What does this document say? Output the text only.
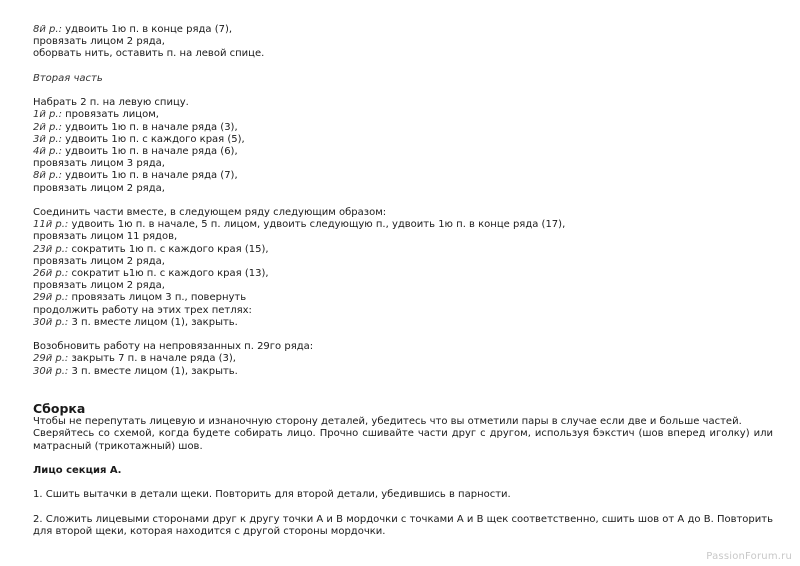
8й р.: удвоить 1ю п. в конце ряда (7),
провязать лицом 2 ряда,
оборвать нить, оставить п. на левой спице.
Вторая часть
Набрать 2 п. на левую спицу.
1й р.: провязать лицом,
2й р.: удвоить 1ю п. в начале ряда (3),
3й р.: удвоить 1ю п. с каждого края (5),
4й р.: удвоить 1ю п. в начале ряда (6),
провязать лицом 3 ряда,
8й р.: удвоить 1ю п. в начале ряда (7),
провязать лицом 2 ряда,
Соединить части вместе, в следующем ряду следующим образом:
11й р.: удвоить 1ю п. в начале, 5 п. лицом, удвоить следующую п., удвоить 1ю п. в конце ряда (17),
провязать лицом 11 рядов,
23й р.: сократить 1ю п. с каждого края (15),
провязать лицом 2 ряда,
26й р.: сократит ь1ю п. с каждого края (13),
провязать лицом 2 ряда,
29й р.: провязать лицом 3 п., повернуть
продолжить работу на этих трех петлях:
30й р.: 3 п. вместе лицом (1), закрыть.
Возобновить работу на непровязанных п. 29го ряда:
29й р.: закрыть 7 п. в начале ряда (3),
30й р.: 3 п. вместе лицом (1), закрыть.
Сборка
Чтобы не перепутать лицевую и изнаночную сторону деталей, убедитесь что вы отметили пары в случае если две и больше частей.
Сверяйтесь со схемой, когда будете собирать лицо. Прочно сшивайте части друг с другом, используя бэкстич (шов вперед иголку) или матрасный (трикотажный) шов.
Лицо секция А.
1. Сшить вытачки в детали щеки. Повторить для второй детали, убедившись в парности.
2. Сложить лицевыми сторонами друг к другу точки А и В мордочки с точками А и В щек соответственно, сшить шов от А до В. Повторить для второй щеки, которая находится с другой стороны мордочки.
PassionForum.ru
